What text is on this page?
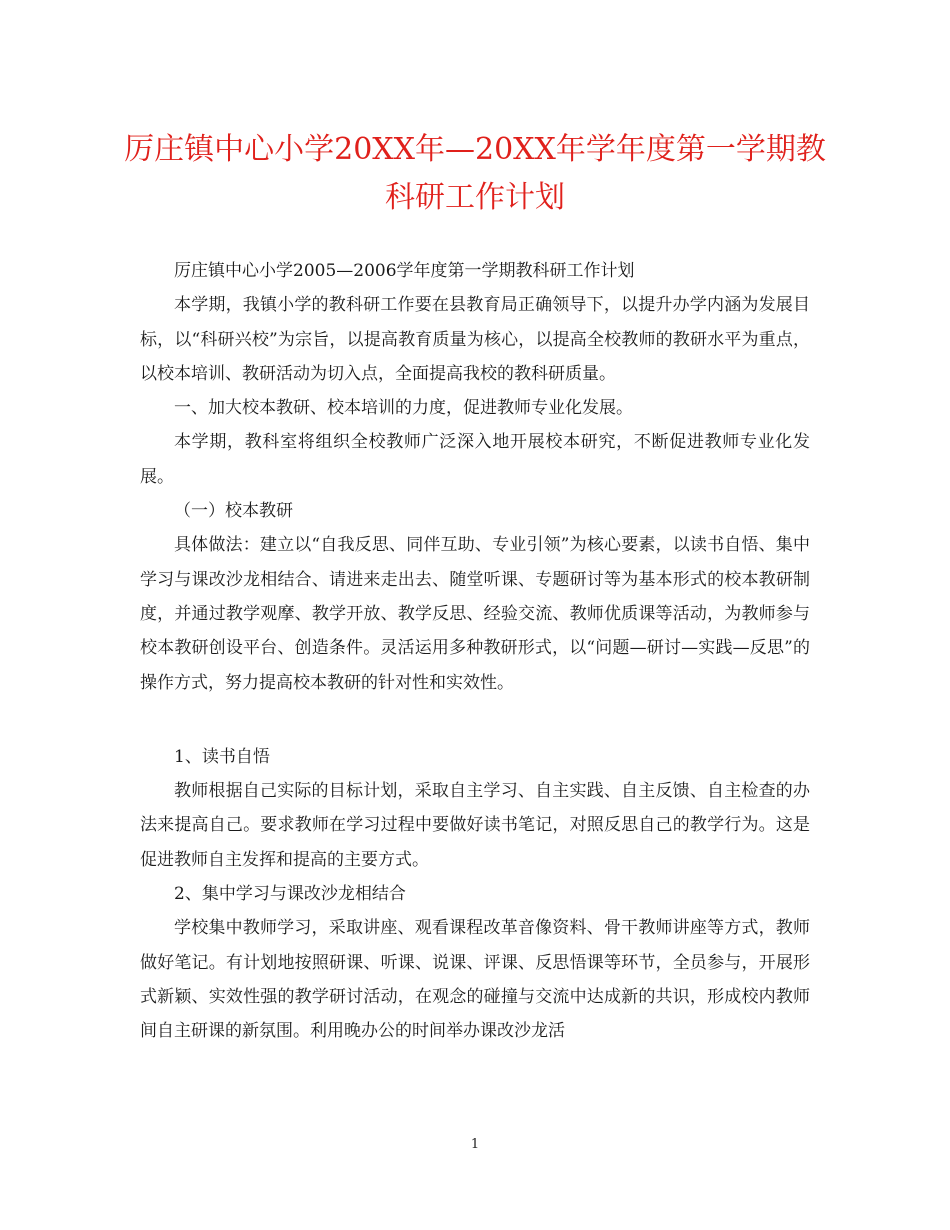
厉庄镇中心小学20XX年—20XX年学年度第一学期教科研工作计划

厉庄镇中心小学2005—2006学年度第一学期教科研工作计划

本学期，我镇小学的教科研工作要在县教育局正确领导下，以提升办学内涵为发展目标，以“科研兴校”为宗旨，以提高教育质量为核心，以提高全校教师的教研水平为重点，以校本培训、教研活动为切入点，全面提高我校的教科研质量。

一、加大校本教研、校本培训的力度，促进教师专业化发展。

本学期，教科室将组织全校教师广泛深入地开展校本研究，不断促进教师专业化发展。

（一）校本教研

具体做法：建立以“自我反思、同伴互助、专业引领”为核心要素，以读书自悟、集中学习与课改沙龙相结合、请进来走出去、随堂听课、专题研讨等为基本形式的校本教研制度，并通过教学观摩、教学开放、教学反思、经验交流、教师优质课等活动，为教师参与校本教研创设平台、创造条件。灵活运用多种教研形式，以“问题—研讨—实践—反思”的操作方式，努力提高校本教研的针对性和实效性。

1、读书自悟

教师根据自己实际的目标计划，采取自主学习、自主实践、自主反馈、自主检查的办法来提高自己。要求教师在学习过程中要做好读书笔记，对照反思自己的教学行为。这是促进教师自主发挥和提高的主要方式。

2、集中学习与课改沙龙相结合

学校集中教师学习，采取讲座、观看课程改革音像资料、骨干教师讲座等方式，教师做好笔记。有计划地按照研课、听课、说课、评课、反思悟课等环节，全员参与，开展形式新颖、实效性强的教学研讨活动，在观念的碰撞与交流中达成新的共识，形成校内教师间自主研课的新氛围。利用晚办公的时间举办课改沙龙活

1
